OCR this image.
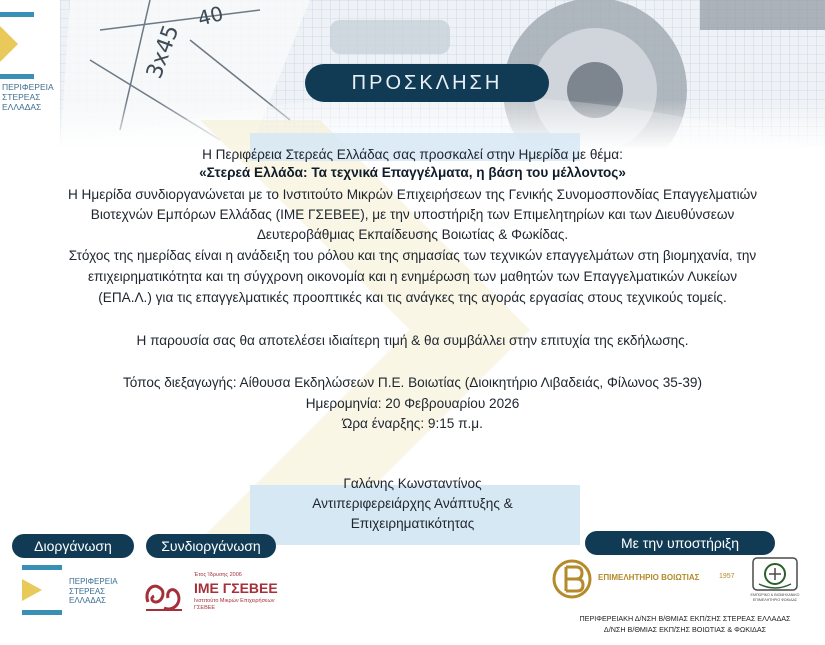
3x45
40
ΠΕΡΙΦΕΡΕΙΑ
ΣΤΕΡΕΑΣ
ΕΛΛΑΔΑΣ
ΠΡΟΣΚΛΗΣΗ
Η Περιφέρεια Στερεάς Ελλάδας σας προσκαλεί στην Ημερίδα με θέμα:
«Στερεά Ελλάδα: Τα τεχνικά Επαγγέλματα, η βάση του μέλλοντος»
Η Ημερίδα συνδιοργανώνεται με το Ινστιτούτο Μικρών Επιχειρήσεων της Γενικής Συνομοσπονδίας Επαγγελματιών
Βιοτεχνών Εμπόρων Ελλάδας (ΙΜΕ ΓΣΕΒΕΕ), με την υποστήριξη των Επιμελητηρίων και των Διευθύνσεων
Δευτεροβάθμιας Εκπαίδευσης Βοιωτίας & Φωκίδας.
Στόχος της ημερίδας είναι η ανάδειξη του ρόλου και της σημασίας των τεχνικών επαγγελμάτων στη βιομηχανία, την
επιχειρηματικότητα και τη σύγχρονη οικονομία και η ενημέρωση των μαθητών των Επαγγελματικών Λυκείων
(ΕΠΑ.Λ.) για τις επαγγελματικές προοπτικές και τις ανάγκες της αγοράς εργασίας στους τεχνικούς τομείς.
Η παρουσία σας θα αποτελέσει ιδιαίτερη τιμή & θα συμβάλλει στην επιτυχία της εκδήλωσης.
Τόπος διεξαγωγής: Αίθουσα Εκδηλώσεων Π.Ε. Βοιωτίας (Διοικητήριο Λιβαδειάς, Φίλωνος 35-39)
Ημερομηνία: 20 Φεβρουαρίου 2026
Ώρα έναρξης: 9:15 π.μ.
Γαλάνης Κωνσταντίνος
Αντιπεριφερειάρχης Ανάπτυξης &
Επιχειρηματικότητας
Διοργάνωση	Συνδιοργάνωση	Με την υποστήριξη
ΠΕΡΙΦΕΡΕΙΑ
ΣΤΕΡΕΑΣ
ΕΛΛΑΔΑΣ
Έτος Ίδρυσης 2006
ΙΜΕ ΓΣΕΒΕΕ
Ινστιτούτο Μικρών Επιχειρήσεων
ΓΣΕΒΕΕ
ΕΠΙΜΕΛΗΤΗΡΙΟ ΒΟΙΩΤΙΑΣ	1957
ΕΜΠΟΡΙΚΟ & ΒΙΟΜΗΧΑΝΙΚΟ
ΕΠΙΜΕΛΗΤΗΡΙΟ ΦΩΚΙΔΑΣ
ΠΕΡΙΦΕΡΕΙΑΚΗ Δ/ΝΣΗ Β/ΘΜΙΑΣ ΕΚΠ/ΣΗΣ ΣΤΕΡΕΑΣ ΕΛΛΑΔΑΣ
Δ/ΝΣΗ Β/ΘΜΙΑΣ ΕΚΠ/ΣΗΣ ΒΟΙΩΤΙΑΣ & ΦΩΚΙΔΑΣ
